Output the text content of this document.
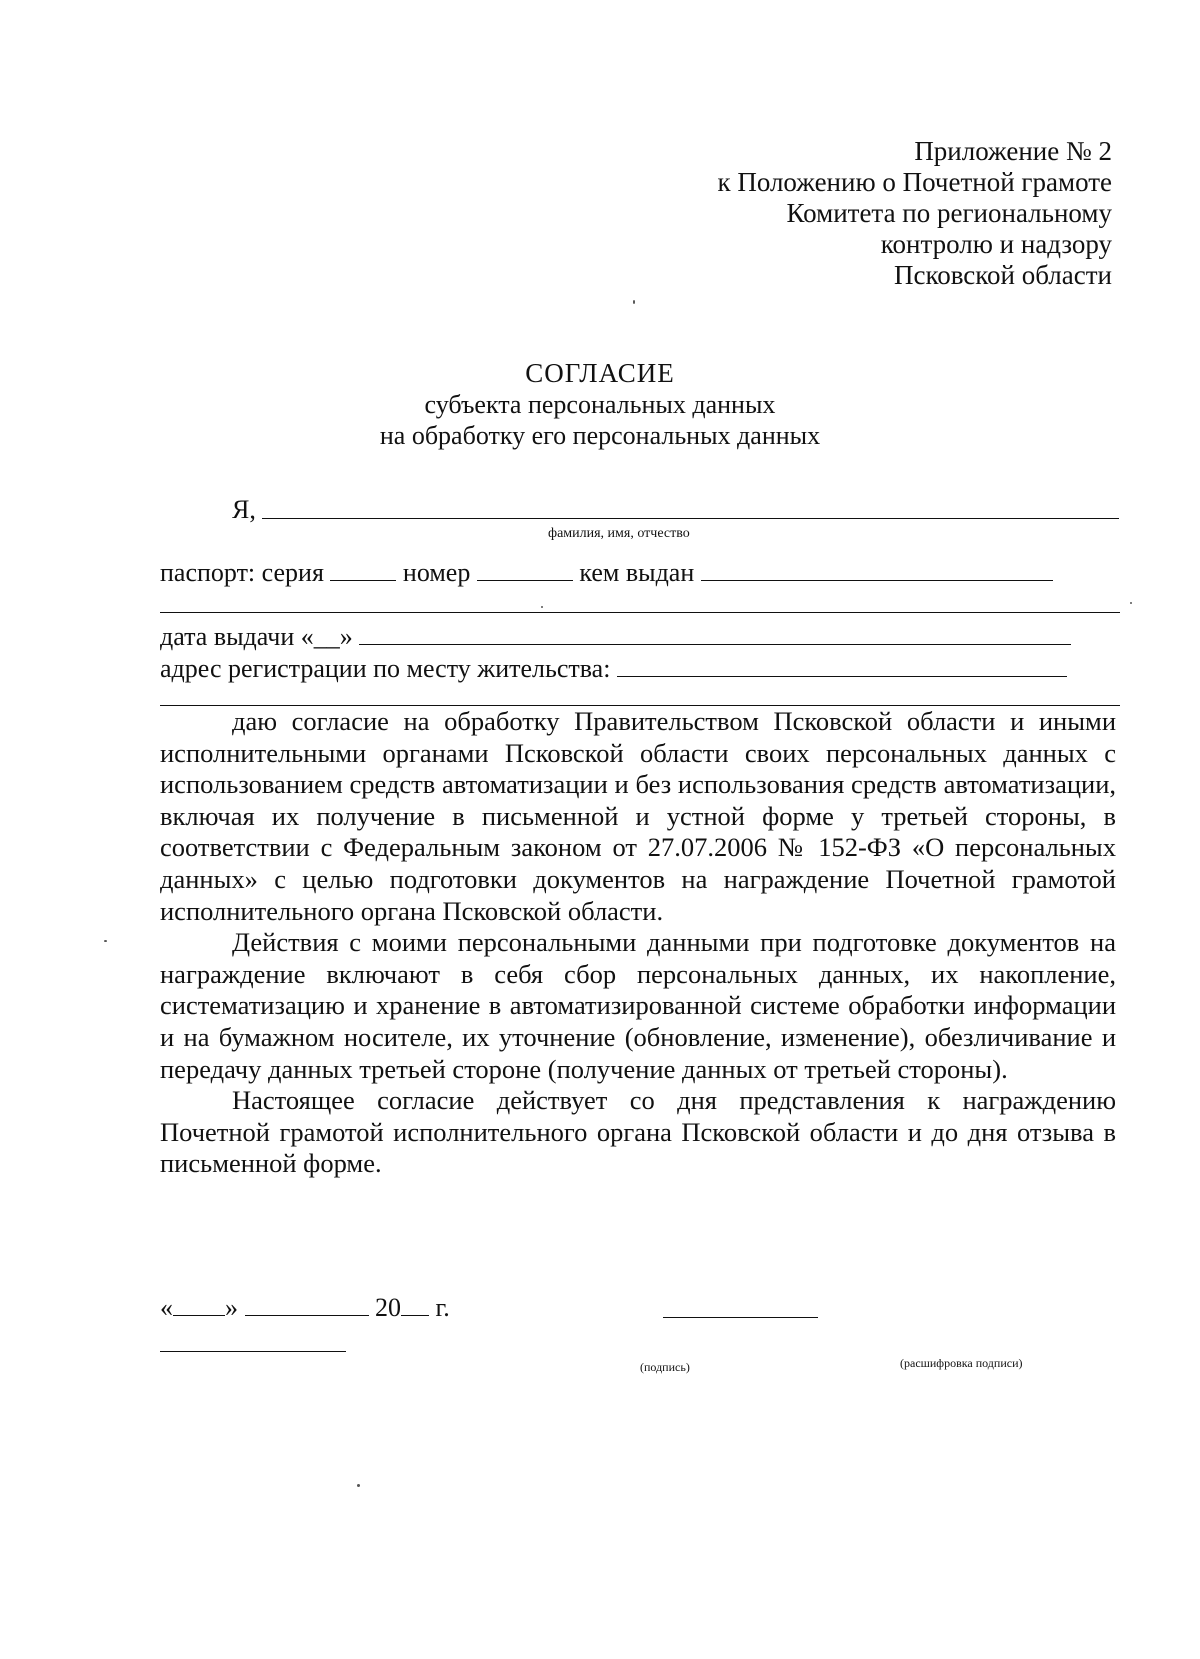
Приложение № 2
к Положению о Почетной грамоте
Комитета по региональному
контролю и надзору
Псковской области
СОГЛАСИЕ
субъекта персональных данных
на обработку его персональных данных
Я,
фамилия, имя, отчество
паспорт: серия	номер	кем выдан
дата выдачи «__»
адрес регистрации по месту жительства:

даю согласие на обработку Правительством Псковской области и иными исполнительными органами Псковской области своих персональных данных с использованием средств автоматизации и без использования средств автоматизации, включая их получение в письменной и устной форме у третьей стороны, в соответствии с Федеральным законом от 27.07.2006 № 152-ФЗ «О персональных данных» с целью подготовки документов на награждение Почетной грамотой исполнительного органа Псковской области.

Действия с моими персональными данными при подготовке документов на награждение включают в себя сбор персональных данных, их накопление, систематизацию и хранение в автоматизированной системе обработки информации и на бумажном носителе, их уточнение (обновление, изменение), обезличивание и передачу данных третьей стороне (получение данных от третьей стороны).

Настоящее согласие действует со дня представления к награждению Почетной грамотой исполнительного органа Псковской области и до дня отзыва в письменной форме.

« »	20 г.
(подпись)	(расшифровка подписи)
